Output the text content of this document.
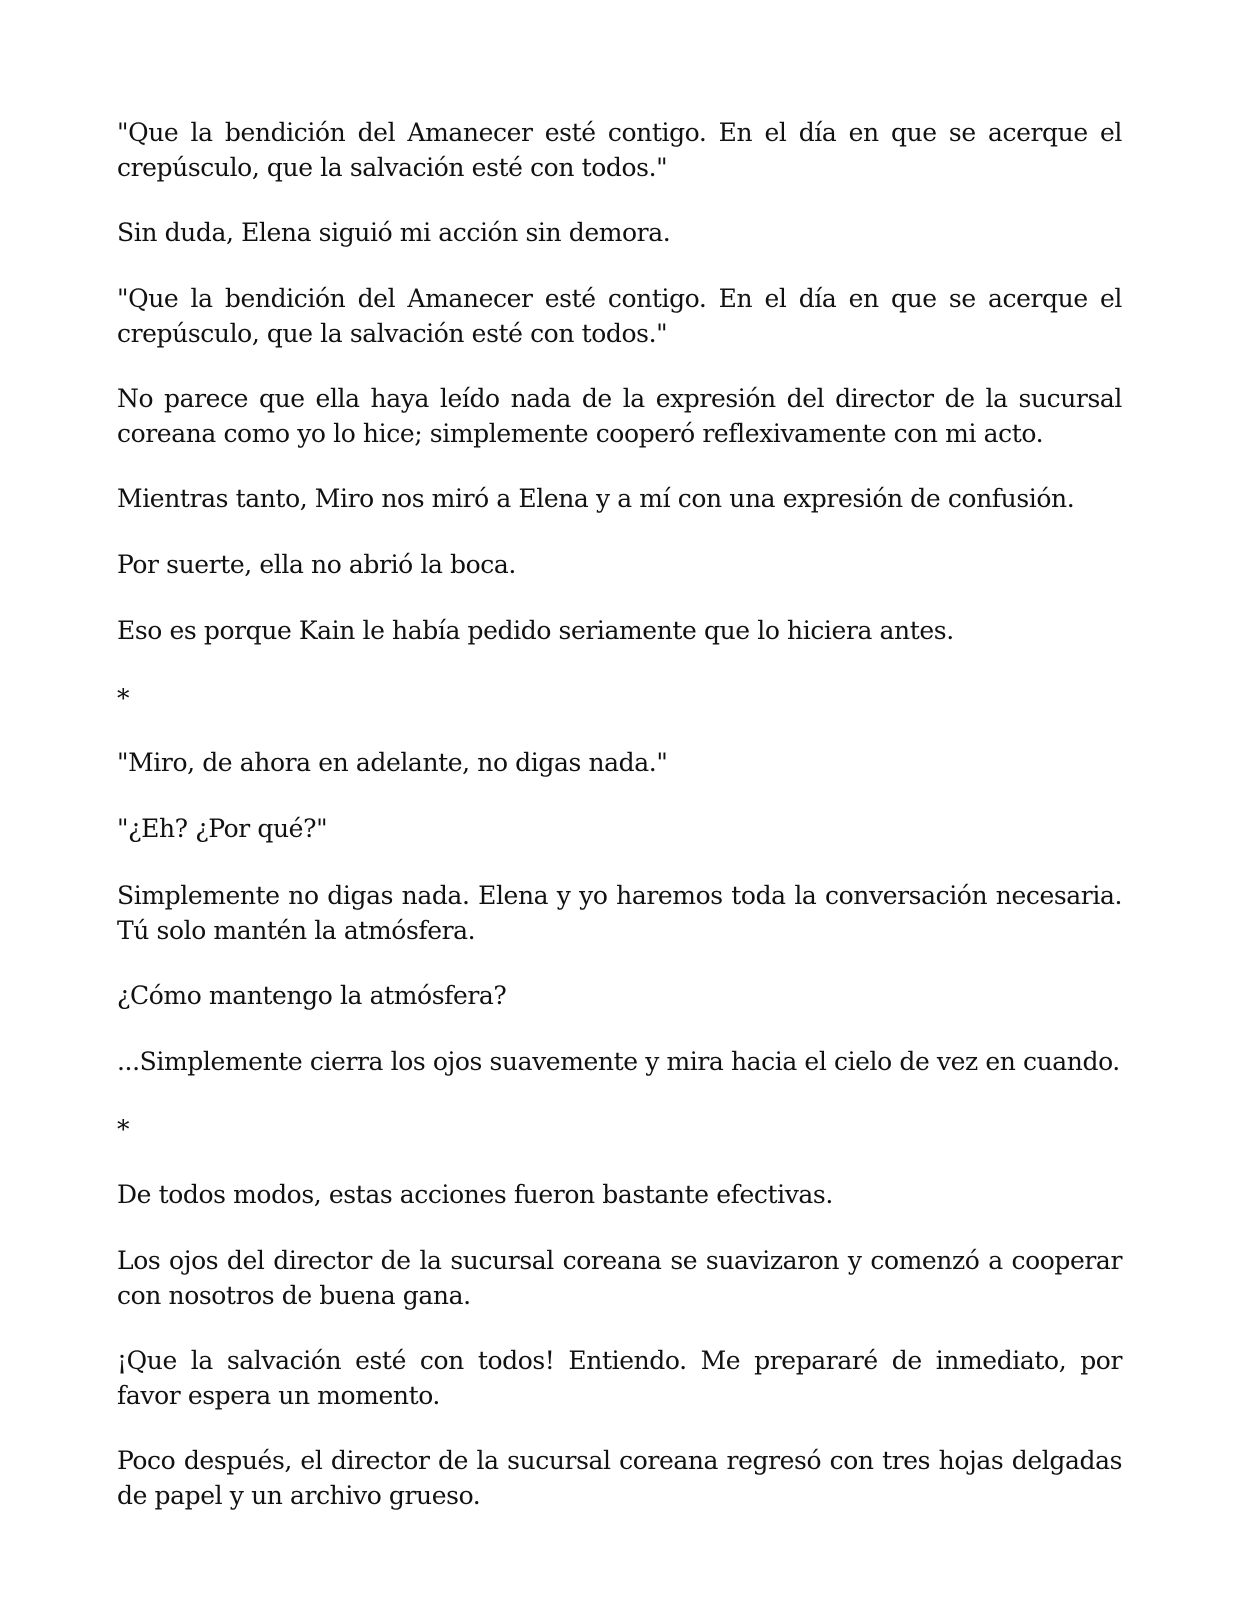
"Que la bendición del Amanecer esté contigo. En el día en que se acerque el crepúsculo, que la salvación esté con todos."

Sin duda, Elena siguió mi acción sin demora.

"Que la bendición del Amanecer esté contigo. En el día en que se acerque el crepúsculo, que la salvación esté con todos."

No parece que ella haya leído nada de la expresión del director de la sucursal coreana como yo lo hice; simplemente cooperó reflexivamente con mi acto.

Mientras tanto, Miro nos miró a Elena y a mí con una expresión de confusión.

Por suerte, ella no abrió la boca.

Eso es porque Kain le había pedido seriamente que lo hiciera antes.

*

"Miro, de ahora en adelante, no digas nada."

"¿Eh? ¿Por qué?"

Simplemente no digas nada. Elena y yo haremos toda la conversación necesaria. Tú solo mantén la atmósfera.

¿Cómo mantengo la atmósfera?

...Simplemente cierra los ojos suavemente y mira hacia el cielo de vez en cuando.

*

De todos modos, estas acciones fueron bastante efectivas.

Los ojos del director de la sucursal coreana se suavizaron y comenzó a cooperar con nosotros de buena gana.

¡Que la salvación esté con todos! Entiendo. Me prepararé de inmediato, por favor espera un momento.

Poco después, el director de la sucursal coreana regresó con tres hojas delgadas de papel y un archivo grueso.
